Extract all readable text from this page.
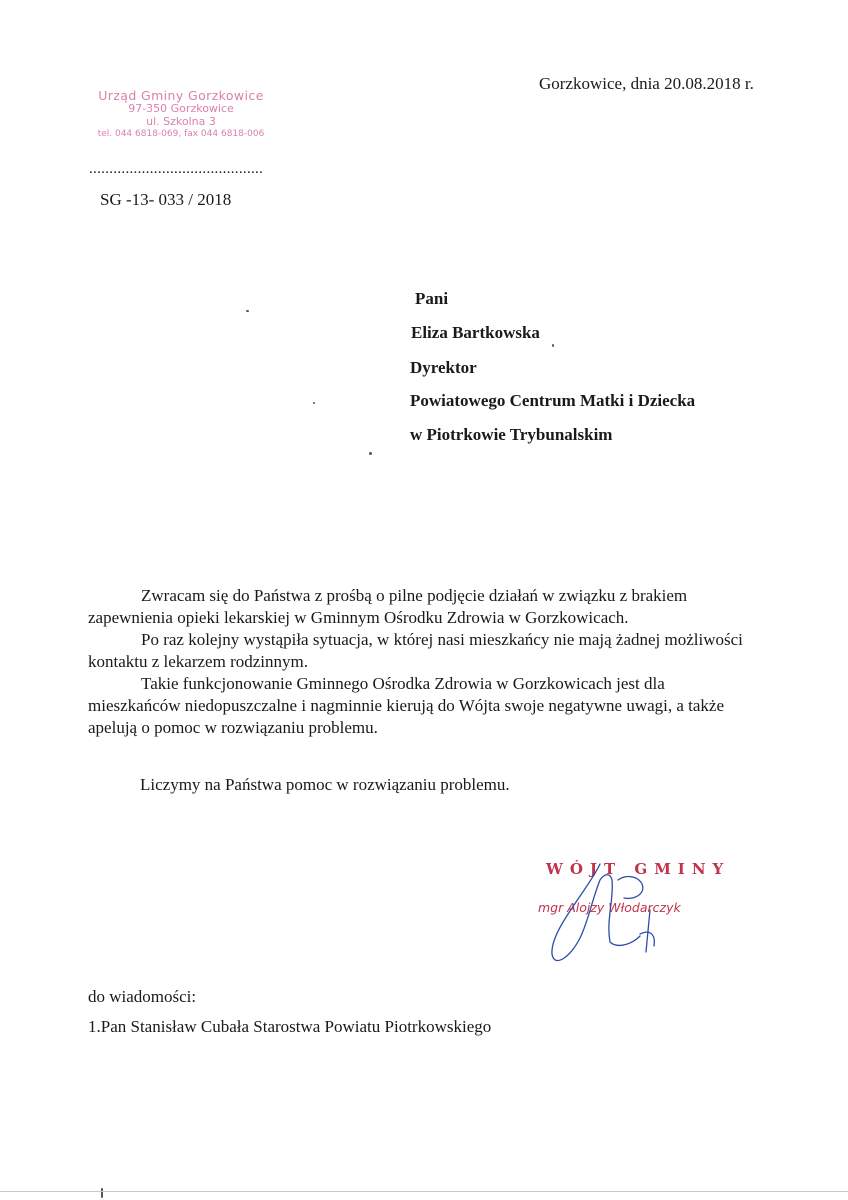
Gorzkowice, dnia 20.08.2018 r.
Urząd Gminy Gorzkowice
97-350 Gorzkowice
ul. Szkolna 3
tel. 044 6818-069, fax 044 6818-006
...........................................
SG -13- 033 / 2018
Pani
Eliza Bartkowska
Dyrektor
Powiatowego Centrum Matki i Dziecka
w Piotrkowie Trybunalskim

Zwracam się do Państwa z prośbą o pilne podjęcie działań w związku z brakiem zapewnienia opieki lekarskiej w Gminnym Ośrodku Zdrowia w Gorzkowicach.

Po raz kolejny wystąpiła sytuacja, w której nasi mieszkańcy nie mają żadnej możliwości kontaktu z lekarzem rodzinnym.

Takie funkcjonowanie Gminnego Ośrodka Zdrowia w Gorzkowicach jest dla mieszkańców niedopuszczalne i nagminnie kierują do Wójta swoje negatywne uwagi, a także apelują o pomoc w rozwiązaniu problemu.

Liczymy na Państwa pomoc w rozwiązaniu problemu.
WÓJT GMINY
mgr Alojzy Włodarczyk
do wiadomości:
1.Pan Stanisław Cubała Starostwa Powiatu Piotrkowskiego
